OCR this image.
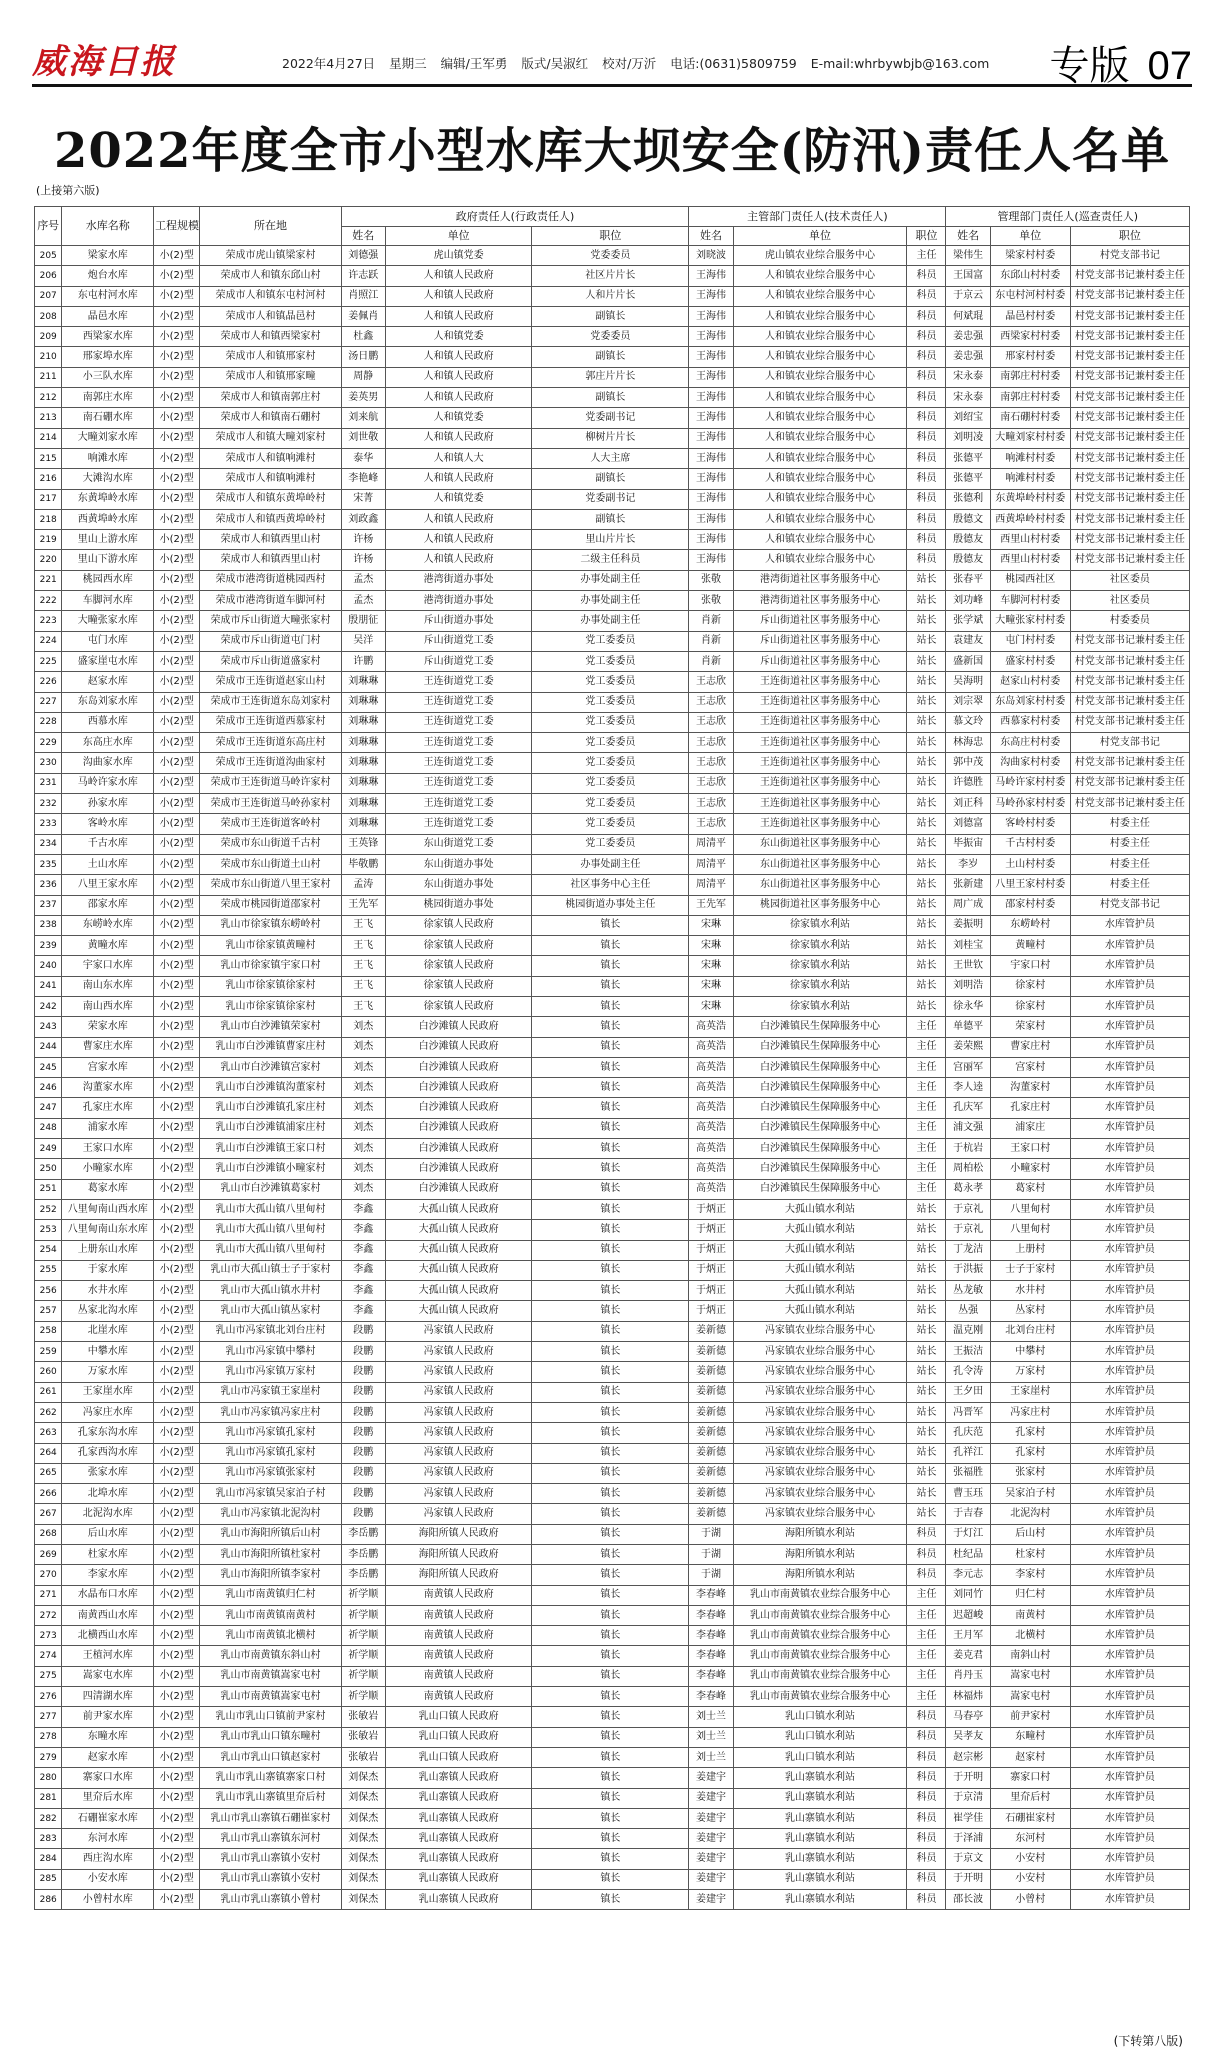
威海日报	2022年4月27日 星期三 编辑/王军勇 版式/吴淑红 校对/万沂 电话:(0631)5809759 E-mail:whrbywbjb@163.com 专版 07
2022年度全市小型水库大坝安全(防汛)责任人名单
(上接第六版)
序号	水库名称	工程规模	所在地	政府责任人(行政责任人)			主管部门责任人(技术责任人)			管理部门责任人(巡查责任人)		
				姓名	单位	职位	姓名	单位	职位	姓名	单位	职位
205	梁家水库	小(2)型	荣成市虎山镇梁家村	刘德强	虎山镇党委	党委委员	刘晓波	虎山镇农业综合服务中心	主任	梁伟生	梁家村村委	村党支部书记
206	炮台水库	小(2)型	荣成市人和镇东邱山村	许志跃	人和镇人民政府	社区片片长	王海伟	人和镇农业综合服务中心	科员	王国富	东邱山村村委	村党支部书记兼村委主任
207	东屯村河水库	小(2)型	荣成市人和镇东屯村河村	肖照江	人和镇人民政府	人和片片长	王海伟	人和镇农业综合服务中心	科员	于京云	东屯村河村村委	村党支部书记兼村委主任
208	晶邑水库	小(2)型	荣成市人和镇晶邑村	姜佩肖	人和镇人民政府	副镇长	王海伟	人和镇农业综合服务中心	科员	何斌琨	晶邑村村委	村党支部书记兼村委主任
209	西梁家水库	小(2)型	荣成市人和镇西梁家村	杜鑫	人和镇党委	党委委员	王海伟	人和镇农业综合服务中心	科员	姜忠强	西梁家村村委	村党支部书记兼村委主任
210	邢家埠水库	小(2)型	荣成市人和镇邢家村	汤日鹏	人和镇人民政府	副镇长	王海伟	人和镇农业综合服务中心	科员	姜忠强	邢家村村委	村党支部书记兼村委主任
211	小三队水库	小(2)型	荣成市人和镇邢家疃	周静	人和镇人民政府	郭庄片片长	王海伟	人和镇农业综合服务中心	科员	宋永泰	南郭庄村村委	村党支部书记兼村委主任
212	南郭庄水库	小(2)型	荣成市人和镇南郭庄村	姜英男	人和镇人民政府	副镇长	王海伟	人和镇农业综合服务中心	科员	宋永泰	南郭庄村村委	村党支部书记兼村委主任
213	南石硼水库	小(2)型	荣成市人和镇南石硼村	刘来航	人和镇党委	党委副书记	王海伟	人和镇农业综合服务中心	科员	刘绍宝	南石硼村村委	村党支部书记兼村委主任
214	大疃刘家水库	小(2)型	荣成市人和镇大疃刘家村	刘世敬	人和镇人民政府	柳树片片长	王海伟	人和镇农业综合服务中心	科员	刘明凌	大疃刘家村村委	村党支部书记兼村委主任
215	响滩水库	小(2)型	荣成市人和镇响滩村	泰华	人和镇人大	人大主席	王海伟	人和镇农业综合服务中心	科员	张德平	响滩村村委	村党支部书记兼村委主任
216	大滩沟水库	小(2)型	荣成市人和镇响滩村	李艳峰	人和镇人民政府	副镇长	王海伟	人和镇农业综合服务中心	科员	张德平	响滩村村委	村党支部书记兼村委主任
217	东黄埠岭水库	小(2)型	荣成市人和镇东黄埠岭村	宋菁	人和镇党委	党委副书记	王海伟	人和镇农业综合服务中心	科员	张德利	东黄埠岭村村委	村党支部书记兼村委主任
218	西黄埠岭水库	小(2)型	荣成市人和镇西黄埠岭村	刘政鑫	人和镇人民政府	副镇长	王海伟	人和镇农业综合服务中心	科员	殷德文	西黄埠岭村村委	村党支部书记兼村委主任
219	里山上游水库	小(2)型	荣成市人和镇西里山村	许杨	人和镇人民政府	里山片片长	王海伟	人和镇农业综合服务中心	科员	殷德友	西里山村村委	村党支部书记兼村委主任
220	里山下游水库	小(2)型	荣成市人和镇西里山村	许杨	人和镇人民政府	二级主任科员	王海伟	人和镇农业综合服务中心	科员	殷德友	西里山村村委	村党支部书记兼村委主任
221	桃园西水库	小(2)型	荣成市港湾街道桃园西村	孟杰	港湾街道办事处	办事处副主任	张敬	港湾街道社区事务服务中心	站长	张春平	桃园西社区	社区委员
222	车脚河水库	小(2)型	荣成市港湾街道车脚河村	孟杰	港湾街道办事处	办事处副主任	张敬	港湾街道社区事务服务中心	站长	刘功峰	车脚河村村委	社区委员
223	大疃张家水库	小(2)型	荣成市斥山街道大疃张家村	殷朋征	斥山街道办事处	办事处副主任	肖新	斥山街道社区事务服务中心	站长	张学斌	大疃张家村村委	村委委员
224	屯门水库	小(2)型	荣成市斥山街道屯门村	吴洋	斥山街道党工委	党工委委员	肖新	斥山街道社区事务服务中心	站长	袁建友	屯门村村委	村党支部书记兼村委主任
225	盛家崖屯水库	小(2)型	荣成市斥山街道盛家村	许鹏	斥山街道党工委	党工委委员	肖新	斥山街道社区事务服务中心	站长	盛新国	盛家村村委	村党支部书记兼村委主任
226	赵家水库	小(2)型	荣成市王连街道赵家山村	刘琳琳	王连街道党工委	党工委委员	王志欣	王连街道社区事务服务中心	站长	吴海明	赵家山村村委	村党支部书记兼村委主任
227	东岛刘家水库	小(2)型	荣成市王连街道东岛刘家村	刘琳琳	王连街道党工委	党工委委员	王志欣	王连街道社区事务服务中心	站长	刘宗翠	东岛刘家村村委	村党支部书记兼村委主任
228	西慕水库	小(2)型	荣成市王连街道西慕家村	刘琳琳	王连街道党工委	党工委委员	王志欣	王连街道社区事务服务中心	站长	慕文玲	西慕家村村委	村党支部书记兼村委主任
229	东高庄水库	小(2)型	荣成市王连街道东高庄村	刘琳琳	王连街道党工委	党工委委员	王志欣	王连街道社区事务服务中心	站长	林海忠	东高庄村村委	村党支部书记
230	沟曲家水库	小(2)型	荣成市王连街道沟曲家村	刘琳琳	王连街道党工委	党工委委员	王志欣	王连街道社区事务服务中心	站长	郭中茂	沟曲家村村委	村党支部书记兼村委主任
231	马岭许家水库	小(2)型	荣成市王连街道马岭许家村	刘琳琳	王连街道党工委	党工委委员	王志欣	王连街道社区事务服务中心	站长	许德胜	马岭许家村村委	村党支部书记兼村委主任
232	孙家水库	小(2)型	荣成市王连街道马岭孙家村	刘琳琳	王连街道党工委	党工委委员	王志欣	王连街道社区事务服务中心	站长	刘正科	马岭孙家村村委	村党支部书记兼村委主任
233	客岭水库	小(2)型	荣成市王连街道客岭村	刘琳琳	王连街道党工委	党工委委员	王志欣	王连街道社区事务服务中心	站长	刘德富	客岭村村委	村委主任
234	千古水库	小(2)型	荣成市东山街道千古村	王英锋	东山街道党工委	党工委委员	周清平	东山街道社区事务服务中心	站长	毕振宙	千古村村委	村委主任
235	土山水库	小(2)型	荣成市东山街道土山村	毕敬鹏	东山街道办事处	办事处副主任	周清平	东山街道社区事务服务中心	站长	李岁	土山村村委	村委主任
236	八里王家水库	小(2)型	荣成市东山街道八里王家村	孟涛	东山街道办事处	社区事务中心主任	周清平	东山街道社区事务服务中心	站长	张新建	八里王家村村委	村委主任
237	邵家水库	小(2)型	荣成市桃园街道邵家村	王先军	桃园街道办事处	桃园街道办事处主任	王先军	桃园街道社区事务服务中心	站长	周广成	邵家村村委	村党支部书记
238	东崂岭水库	小(2)型	乳山市徐家镇东崂岭村	王飞	徐家镇人民政府	镇长	宋琳	徐家镇水利站	站长	姜振明	东崂岭村	水库管护员
239	黄疃水库	小(2)型	乳山市徐家镇黄疃村	王飞	徐家镇人民政府	镇长	宋琳	徐家镇水利站	站长	刘桂宝	黄疃村	水库管护员
240	宇家口水库	小(2)型	乳山市徐家镇宇家口村	王飞	徐家镇人民政府	镇长	宋琳	徐家镇水利站	站长	王世钦	宇家口村	水库管护员
241	南山东水库	小(2)型	乳山市徐家镇徐家村	王飞	徐家镇人民政府	镇长	宋琳	徐家镇水利站	站长	刘明浩	徐家村	水库管护员
242	南山西水库	小(2)型	乳山市徐家镇徐家村	王飞	徐家镇人民政府	镇长	宋琳	徐家镇水利站	站长	徐永华	徐家村	水库管护员
243	荣家水库	小(2)型	乳山市白沙滩镇荣家村	刘杰	白沙滩镇人民政府	镇长	高英浩	白沙滩镇民生保障服务中心	主任	单德平	荣家村	水库管护员
244	曹家庄水库	小(2)型	乳山市白沙滩镇曹家庄村	刘杰	白沙滩镇人民政府	镇长	高英浩	白沙滩镇民生保障服务中心	主任	姜荣熙	曹家庄村	水库管护员
245	宫家水库	小(2)型	乳山市白沙滩镇宫家村	刘杰	白沙滩镇人民政府	镇长	高英浩	白沙滩镇民生保障服务中心	主任	宫丽军	宫家村	水库管护员
246	沟董家水库	小(2)型	乳山市白沙滩镇沟董家村	刘杰	白沙滩镇人民政府	镇长	高英浩	白沙滩镇民生保障服务中心	主任	李人逵	沟董家村	水库管护员
247	孔家庄水库	小(2)型	乳山市白沙滩镇孔家庄村	刘杰	白沙滩镇人民政府	镇长	高英浩	白沙滩镇民生保障服务中心	主任	孔庆军	孔家庄村	水库管护员
248	浦家水库	小(2)型	乳山市白沙滩镇浦家庄村	刘杰	白沙滩镇人民政府	镇长	高英浩	白沙滩镇民生保障服务中心	主任	浦文强	浦家庄	水库管护员
249	王家口水库	小(2)型	乳山市白沙滩镇王家口村	刘杰	白沙滩镇人民政府	镇长	高英浩	白沙滩镇民生保障服务中心	主任	于杭岩	王家口村	水库管护员
250	小疃家水库	小(2)型	乳山市白沙滩镇小疃家村	刘杰	白沙滩镇人民政府	镇长	高英浩	白沙滩镇民生保障服务中心	主任	周柏松	小疃家村	水库管护员
251	葛家水库	小(2)型	乳山市白沙滩镇葛家村	刘杰	白沙滩镇人民政府	镇长	高英浩	白沙滩镇民生保障服务中心	主任	葛永孝	葛家村	水库管护员
252	八里甸南山西水库	小(2)型	乳山市大孤山镇八里甸村	李鑫	大孤山镇人民政府	镇长	于炳正	大孤山镇水利站	站长	于京礼	八里甸村	水库管护员
253	八里甸南山东水库	小(2)型	乳山市大孤山镇八里甸村	李鑫	大孤山镇人民政府	镇长	于炳正	大孤山镇水利站	站长	于京礼	八里甸村	水库管护员
254	上册东山水库	小(2)型	乳山市大孤山镇八里甸村	李鑫	大孤山镇人民政府	镇长	于炳正	大孤山镇水利站	站长	丁龙洁	上册村	水库管护员
255	于家水库	小(2)型	乳山市大孤山镇士子于家村	李鑫	大孤山镇人民政府	镇长	于炳正	大孤山镇水利站	站长	于洪振	士子于家村	水库管护员
256	水井水库	小(2)型	乳山市大孤山镇水井村	李鑫	大孤山镇人民政府	镇长	于炳正	大孤山镇水利站	站长	丛龙敏	水井村	水库管护员
257	丛家北沟水库	小(2)型	乳山市大孤山镇丛家村	李鑫	大孤山镇人民政府	镇长	于炳正	大孤山镇水利站	站长	丛强	丛家村	水库管护员
258	北崖水库	小(2)型	乳山市冯家镇北刘台庄村	段鹏	冯家镇人民政府	镇长	姜新德	冯家镇农业综合服务中心	站长	温克刚	北刘台庄村	水库管护员
259	中攀水库	小(2)型	乳山市冯家镇中攀村	段鹏	冯家镇人民政府	镇长	姜新德	冯家镇农业综合服务中心	站长	王振洁	中攀村	水库管护员
260	万家水库	小(2)型	乳山市冯家镇万家村	段鹏	冯家镇人民政府	镇长	姜新德	冯家镇农业综合服务中心	站长	孔令涛	万家村	水库管护员
261	王家崖水库	小(2)型	乳山市冯家镇王家崖村	段鹏	冯家镇人民政府	镇长	姜新德	冯家镇农业综合服务中心	站长	王夕田	王家崖村	水库管护员
262	冯家庄水库	小(2)型	乳山市冯家镇冯家庄村	段鹏	冯家镇人民政府	镇长	姜新德	冯家镇农业综合服务中心	站长	冯晋军	冯家庄村	水库管护员
263	孔家东沟水库	小(2)型	乳山市冯家镇孔家村	段鹏	冯家镇人民政府	镇长	姜新德	冯家镇农业综合服务中心	站长	孔庆范	孔家村	水库管护员
264	孔家西沟水库	小(2)型	乳山市冯家镇孔家村	段鹏	冯家镇人民政府	镇长	姜新德	冯家镇农业综合服务中心	站长	孔祥江	孔家村	水库管护员
265	张家水库	小(2)型	乳山市冯家镇张家村	段鹏	冯家镇人民政府	镇长	姜新德	冯家镇农业综合服务中心	站长	张福胜	张家村	水库管护员
266	北埠水库	小(2)型	乳山市冯家镇吴家泊子村	段鹏	冯家镇人民政府	镇长	姜新德	冯家镇农业综合服务中心	站长	曹玉珏	吴家泊子村	水库管护员
267	北泥沟水库	小(2)型	乳山市冯家镇北泥沟村	段鹏	冯家镇人民政府	镇长	姜新德	冯家镇农业综合服务中心	站长	于吉春	北泥沟村	水库管护员
268	后山水库	小(2)型	乳山市海阳所镇后山村	李岳鹏	海阳所镇人民政府	镇长	于湖	海阳所镇水利站	科员	于灯江	后山村	水库管护员
269	杜家水库	小(2)型	乳山市海阳所镇杜家村	李岳鹏	海阳所镇人民政府	镇长	于湖	海阳所镇水利站	科员	杜纪品	杜家村	水库管护员
270	李家水库	小(2)型	乳山市海阳所镇李家村	李岳鹏	海阳所镇人民政府	镇长	于湖	海阳所镇水利站	科员	李元志	李家村	水库管护员
271	水晶布口水库	小(2)型	乳山市南黄镇归仁村	祈学顺	南黄镇人民政府	镇长	李春峰	乳山市南黄镇农业综合服务中心	主任	刘同竹	归仁村	水库管护员
272	南黄西山水库	小(2)型	乳山市南黄镇南黄村	祈学顺	南黄镇人民政府	镇长	李春峰	乳山市南黄镇农业综合服务中心	主任	迟超峻	南黄村	水库管护员
273	北横西山水库	小(2)型	乳山市南黄镇北横村	祈学顺	南黄镇人民政府	镇长	李春峰	乳山市南黄镇农业综合服务中心	主任	王月军	北横村	水库管护员
274	王植河水库	小(2)型	乳山市南黄镇东斜山村	祈学顺	南黄镇人民政府	镇长	李春峰	乳山市南黄镇农业综合服务中心	主任	姜克君	南斜山村	水库管护员
275	嵩家屯水库	小(2)型	乳山市南黄镇嵩家屯村	祈学顺	南黄镇人民政府	镇长	李春峰	乳山市南黄镇农业综合服务中心	主任	肖丹玉	嵩家屯村	水库管护员
276	四清湖水库	小(2)型	乳山市南黄镇嵩家屯村	祈学顺	南黄镇人民政府	镇长	李春峰	乳山市南黄镇农业综合服务中心	主任	林福炜	嵩家屯村	水库管护员
277	前尹家水库	小(2)型	乳山市乳山口镇前尹家村	张敏岩	乳山口镇人民政府	镇长	刘士兰	乳山口镇水利站	科员	马春亭	前尹家村	水库管护员
278	东疃水库	小(2)型	乳山市乳山口镇东疃村	张敏岩	乳山口镇人民政府	镇长	刘士兰	乳山口镇水利站	科员	吴孝友	东疃村	水库管护员
279	赵家水库	小(2)型	乳山市乳山口镇赵家村	张敏岩	乳山口镇人民政府	镇长	刘士兰	乳山口镇水利站	科员	赵宗彬	赵家村	水库管护员
280	寨家口水库	小(2)型	乳山市乳山寨镇寨家口村	刘保杰	乳山寨镇人民政府	镇长	姜建宇	乳山寨镇水利站	科员	于开明	寨家口村	水库管护员
281	里夼后水库	小(2)型	乳山市乳山寨镇里夼后村	刘保杰	乳山寨镇人民政府	镇长	姜建宇	乳山寨镇水利站	科员	于京清	里夼后村	水库管护员
282	石硼崔家水库	小(2)型	乳山市乳山寨镇石硼崔家村	刘保杰	乳山寨镇人民政府	镇长	姜建宇	乳山寨镇水利站	科员	崔学佳	石硼崔家村	水库管护员
283	东河水库	小(2)型	乳山市乳山寨镇东河村	刘保杰	乳山寨镇人民政府	镇长	姜建宇	乳山寨镇水利站	科员	于泽浦	东河村	水库管护员
284	西庄沟水库	小(2)型	乳山市乳山寨镇小安村	刘保杰	乳山寨镇人民政府	镇长	姜建宇	乳山寨镇水利站	科员	于京文	小安村	水库管护员
285	小安水库	小(2)型	乳山市乳山寨镇小安村	刘保杰	乳山寨镇人民政府	镇长	姜建宇	乳山寨镇水利站	科员	于开明	小安村	水库管护员
286	小曾村水库	小(2)型	乳山市乳山寨镇小曾村	刘保杰	乳山寨镇人民政府	镇长	姜建宇	乳山寨镇水利站	科员	邵长波	小曾村	水库管护员
(下转第八版)
